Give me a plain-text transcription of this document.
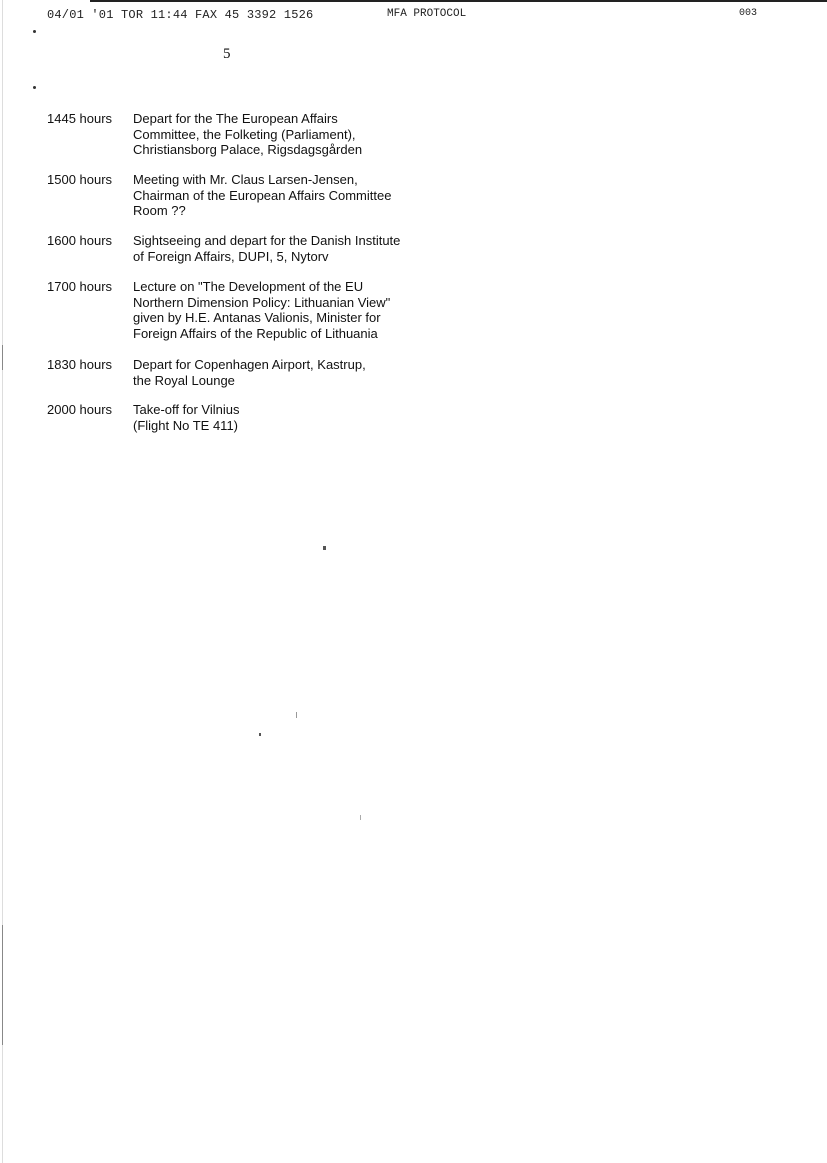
04/01 '01 TOR 11:44 FAX 45 3392 1526	MFA PROTOCOL	003
5
1445 hours	Depart for the The European Affairs
Committee, the Folketing (Parliament),
Christiansborg Palace, Rigsdagsgården
1500 hours	Meeting with Mr. Claus Larsen-Jensen,
Chairman of the European Affairs Committee
Room ??
1600 hours	Sightseeing and depart for the Danish Institute
of Foreign Affairs, DUPI, 5, Nytorv
1700 hours	Lecture on "The Development of the EU
Northern Dimension Policy: Lithuanian View"
given by H.E. Antanas Valionis, Minister for
Foreign Affairs of the Republic of Lithuania
1830 hours	Depart for Copenhagen Airport, Kastrup,
the Royal Lounge
2000 hours	Take-off for Vilnius
(Flight No TE 411)
